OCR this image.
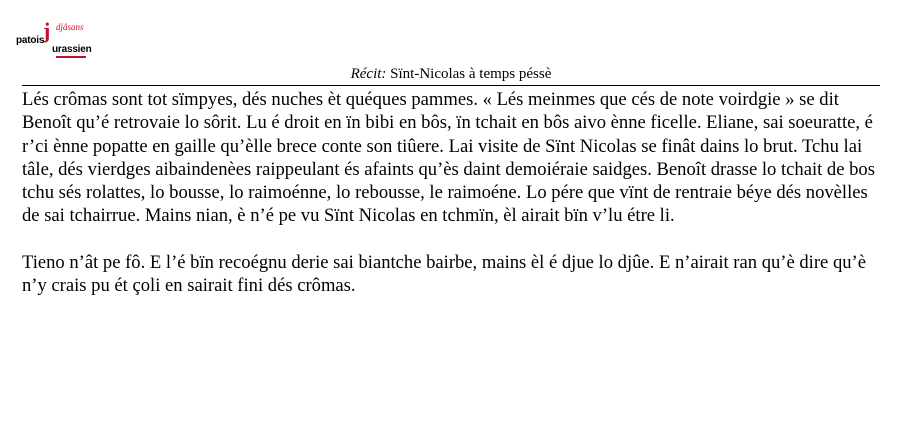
djâsans
j
patois
urassien
Récit: Sïnt-Nicolas à temps péssè

Lés crômas sont tot sïmpyes, dés nuches èt quéques pammes. « Lés meinmes que cés de note voirdgie » se dit Benoît qu’é retrovaie lo sôrit. Lu é droit en ïn bibi en bôs, ïn tchait en bôs aivo ènne ficelle. Eliane, sai soeuratte, é r’ci ènne popatte en gaille qu’èlle brece conte son tiûere. Lai visite de Sïnt Nicolas se finât dains lo brut. Tchu lai tâle, dés vierdges aibaindenèes raippeulant és afaints qu’ès daint demoiéraie saidges. Benoît drasse lo tchait de bos tchu sés rolattes, lo bousse, lo raimoénne, lo rebousse, le raimoéne. Lo pére que vïnt de rentraie béye dés novèlles de sai tchairrue. Mains nian, è n’é pe vu Sïnt Nicolas en tchmïn, èl airait bïn v’lu étre li.

Tieno n’ât pe fô. E l’é bïn recoégnu derie sai biantche bairbe, mains èl é djue lo djûe. E n’airait ran qu’è dire qu’è n’y crais pu ét çoli en sairait fini dés crômas.
